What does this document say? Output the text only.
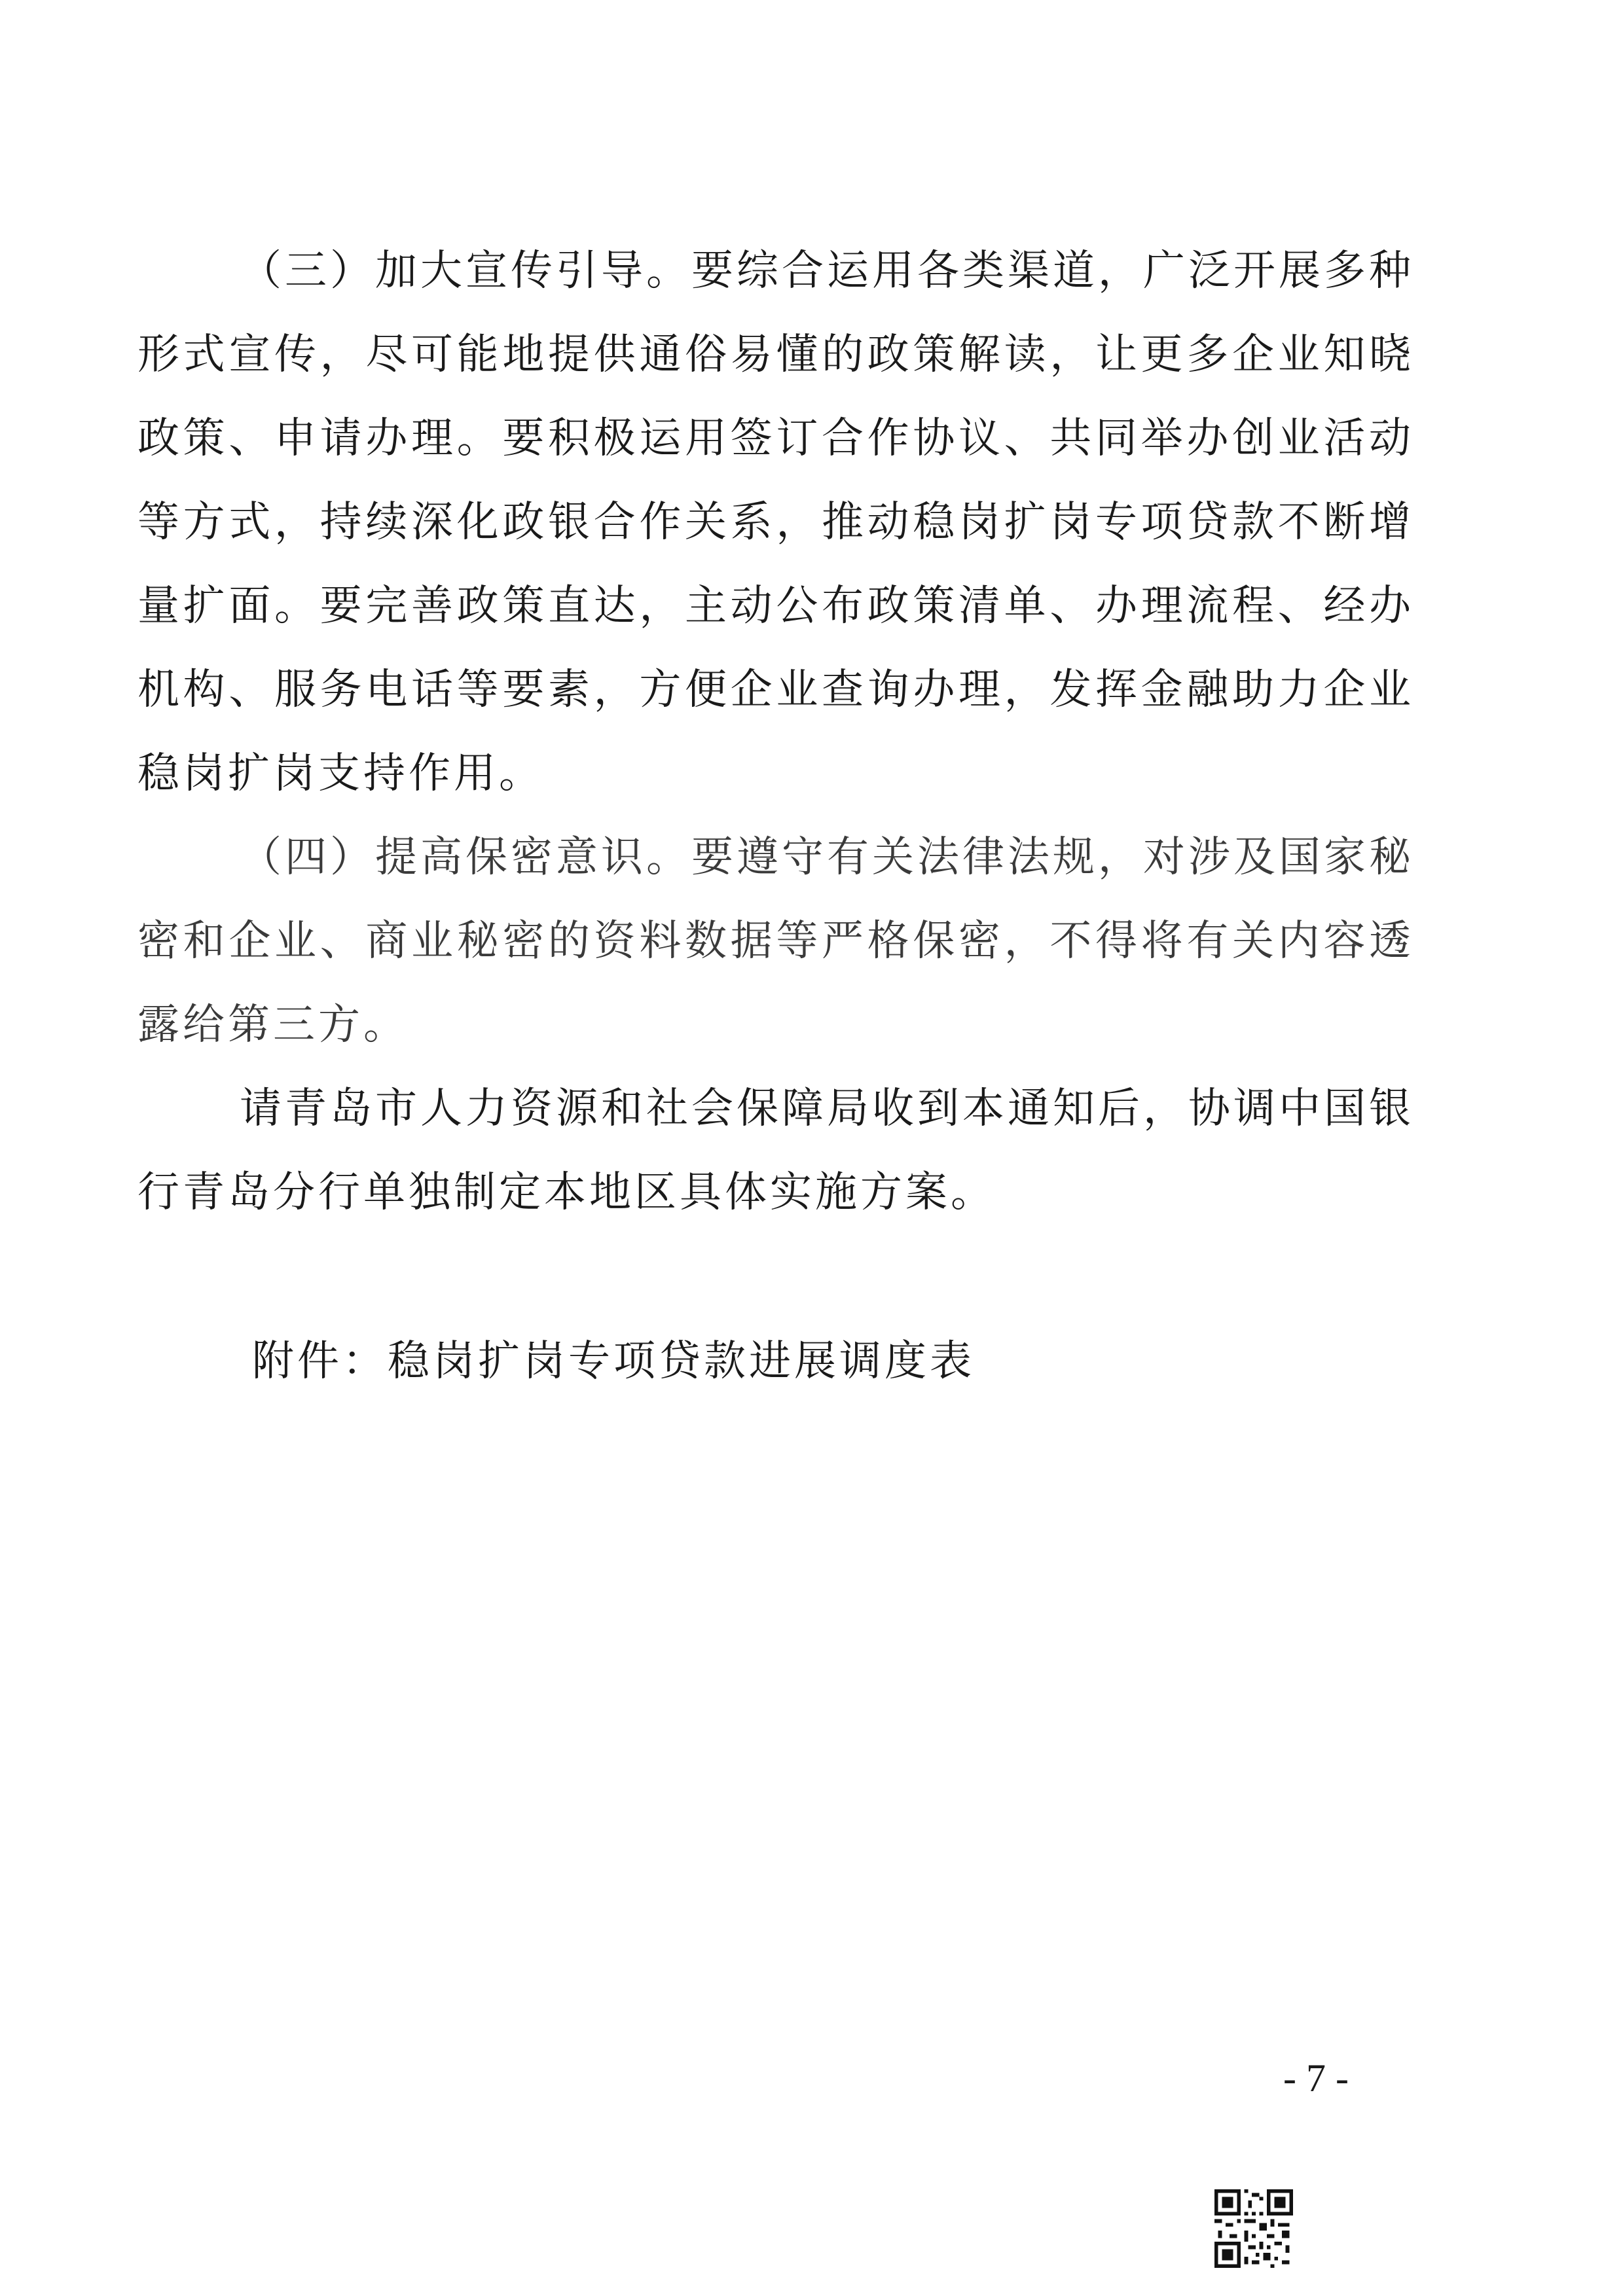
（三）加大宣传引导。要综合运用各类渠道，广泛开展多种形式宣传，尽可能地提供通俗易懂的政策解读，让更多企业知晓政策、申请办理。要积极运用签订合作协议、共同举办创业活动等方式，持续深化政银合作关系，推动稳岗扩岗专项贷款不断增量扩面。要完善政策直达，主动公布政策清单、办理流程、经办机构、服务电话等要素，方便企业查询办理，发挥金融助力企业稳岗扩岗支持作用。

（四）提高保密意识。要遵守有关法律法规，对涉及国家秘密和企业、商业秘密的资料数据等严格保密，不得将有关内容透露给第三方。

请青岛市人力资源和社会保障局收到本通知后，协调中国银行青岛分行单独制定本地区具体实施方案。

附件：稳岗扩岗专项贷款进展调度表

- 7 -
